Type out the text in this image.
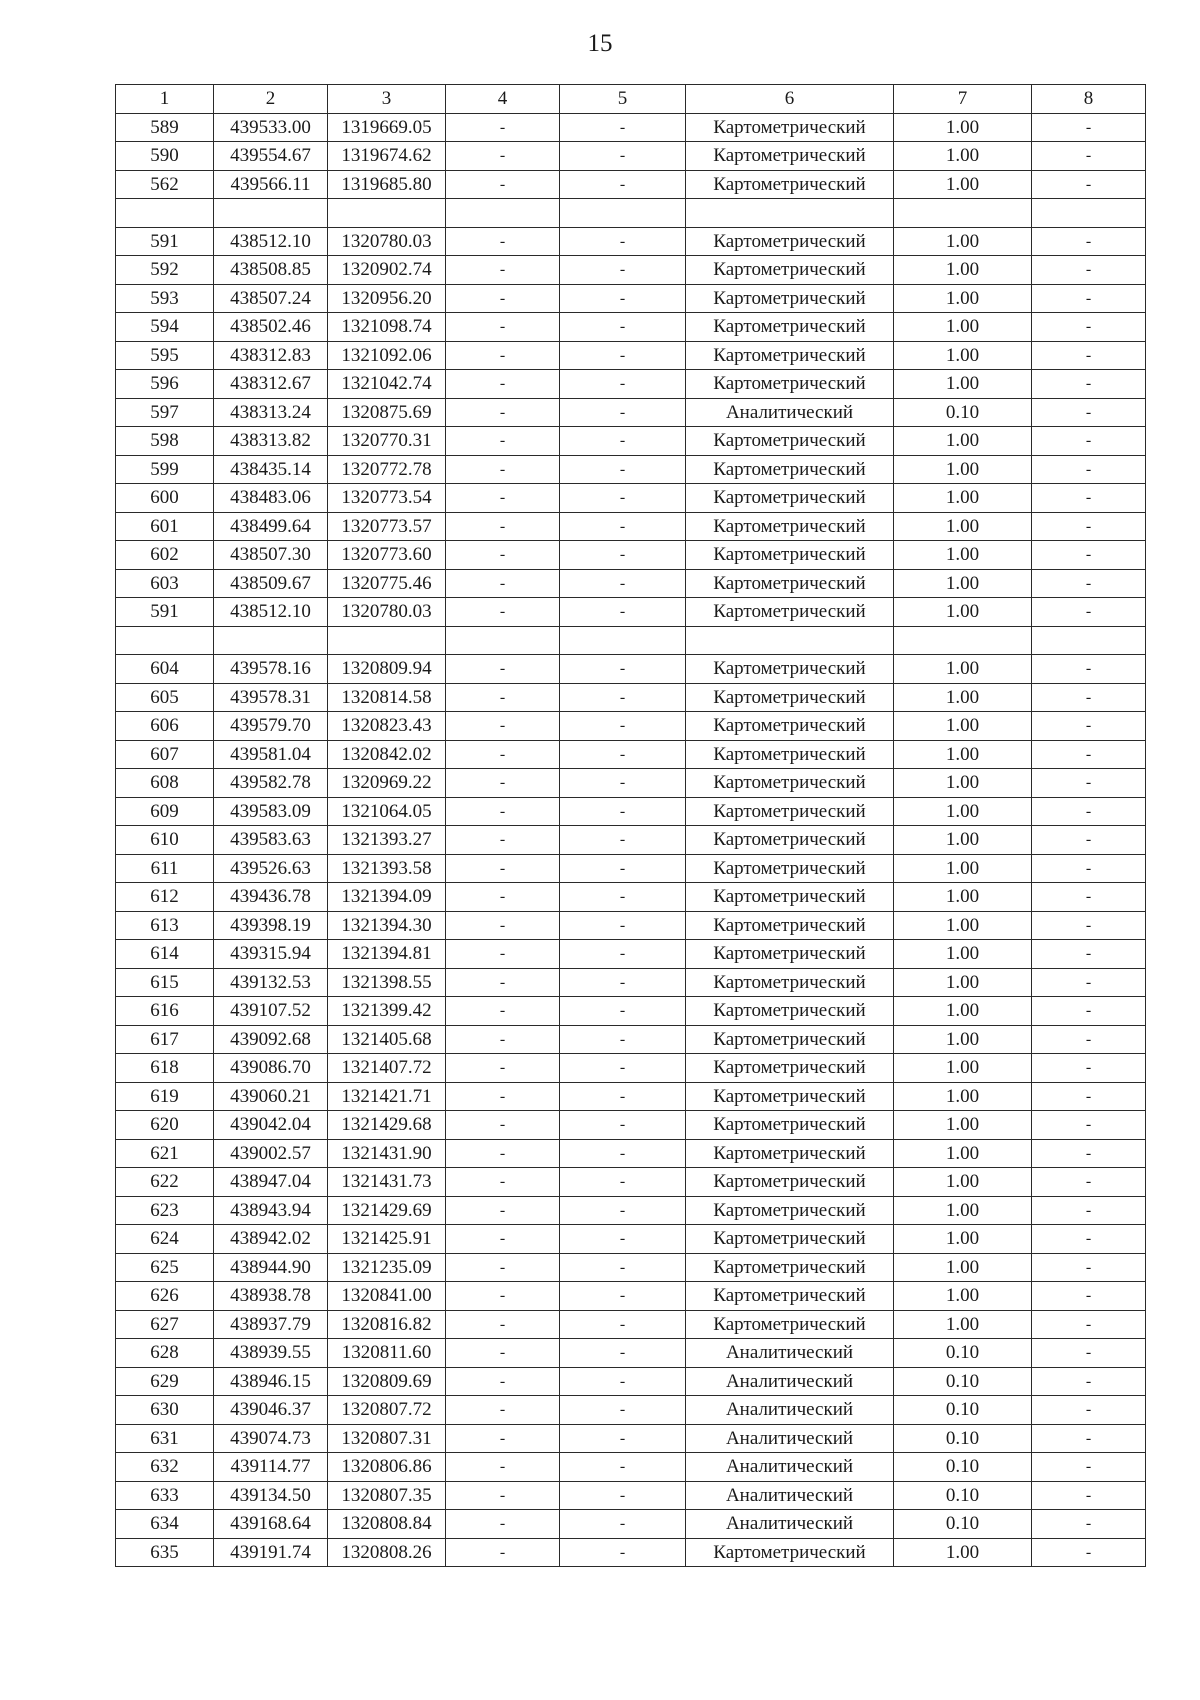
15
1	2	3	4	5	6	7	8
589	439533.00	1319669.05	-	-	Картометрический	1.00	-
590	439554.67	1319674.62	-	-	Картометрический	1.00	-
562	439566.11	1319685.80	-	-	Картометрический	1.00	-

591	438512.10	1320780.03	-	-	Картометрический	1.00	-
592	438508.85	1320902.74	-	-	Картометрический	1.00	-
593	438507.24	1320956.20	-	-	Картометрический	1.00	-
594	438502.46	1321098.74	-	-	Картометрический	1.00	-
595	438312.83	1321092.06	-	-	Картометрический	1.00	-
596	438312.67	1321042.74	-	-	Картометрический	1.00	-
597	438313.24	1320875.69	-	-	Аналитический	0.10	-
598	438313.82	1320770.31	-	-	Картометрический	1.00	-
599	438435.14	1320772.78	-	-	Картометрический	1.00	-
600	438483.06	1320773.54	-	-	Картометрический	1.00	-
601	438499.64	1320773.57	-	-	Картометрический	1.00	-
602	438507.30	1320773.60	-	-	Картометрический	1.00	-
603	438509.67	1320775.46	-	-	Картометрический	1.00	-
591	438512.10	1320780.03	-	-	Картометрический	1.00	-

604	439578.16	1320809.94	-	-	Картометрический	1.00	-
605	439578.31	1320814.58	-	-	Картометрический	1.00	-
606	439579.70	1320823.43	-	-	Картометрический	1.00	-
607	439581.04	1320842.02	-	-	Картометрический	1.00	-
608	439582.78	1320969.22	-	-	Картометрический	1.00	-
609	439583.09	1321064.05	-	-	Картометрический	1.00	-
610	439583.63	1321393.27	-	-	Картометрический	1.00	-
611	439526.63	1321393.58	-	-	Картометрический	1.00	-
612	439436.78	1321394.09	-	-	Картометрический	1.00	-
613	439398.19	1321394.30	-	-	Картометрический	1.00	-
614	439315.94	1321394.81	-	-	Картометрический	1.00	-
615	439132.53	1321398.55	-	-	Картометрический	1.00	-
616	439107.52	1321399.42	-	-	Картометрический	1.00	-
617	439092.68	1321405.68	-	-	Картометрический	1.00	-
618	439086.70	1321407.72	-	-	Картометрический	1.00	-
619	439060.21	1321421.71	-	-	Картометрический	1.00	-
620	439042.04	1321429.68	-	-	Картометрический	1.00	-
621	439002.57	1321431.90	-	-	Картометрический	1.00	-
622	438947.04	1321431.73	-	-	Картометрический	1.00	-
623	438943.94	1321429.69	-	-	Картометрический	1.00	-
624	438942.02	1321425.91	-	-	Картометрический	1.00	-
625	438944.90	1321235.09	-	-	Картометрический	1.00	-
626	438938.78	1320841.00	-	-	Картометрический	1.00	-
627	438937.79	1320816.82	-	-	Картометрический	1.00	-
628	438939.55	1320811.60	-	-	Аналитический	0.10	-
629	438946.15	1320809.69	-	-	Аналитический	0.10	-
630	439046.37	1320807.72	-	-	Аналитический	0.10	-
631	439074.73	1320807.31	-	-	Аналитический	0.10	-
632	439114.77	1320806.86	-	-	Аналитический	0.10	-
633	439134.50	1320807.35	-	-	Аналитический	0.10	-
634	439168.64	1320808.84	-	-	Аналитический	0.10	-
635	439191.74	1320808.26	-	-	Картометрический	1.00	-
